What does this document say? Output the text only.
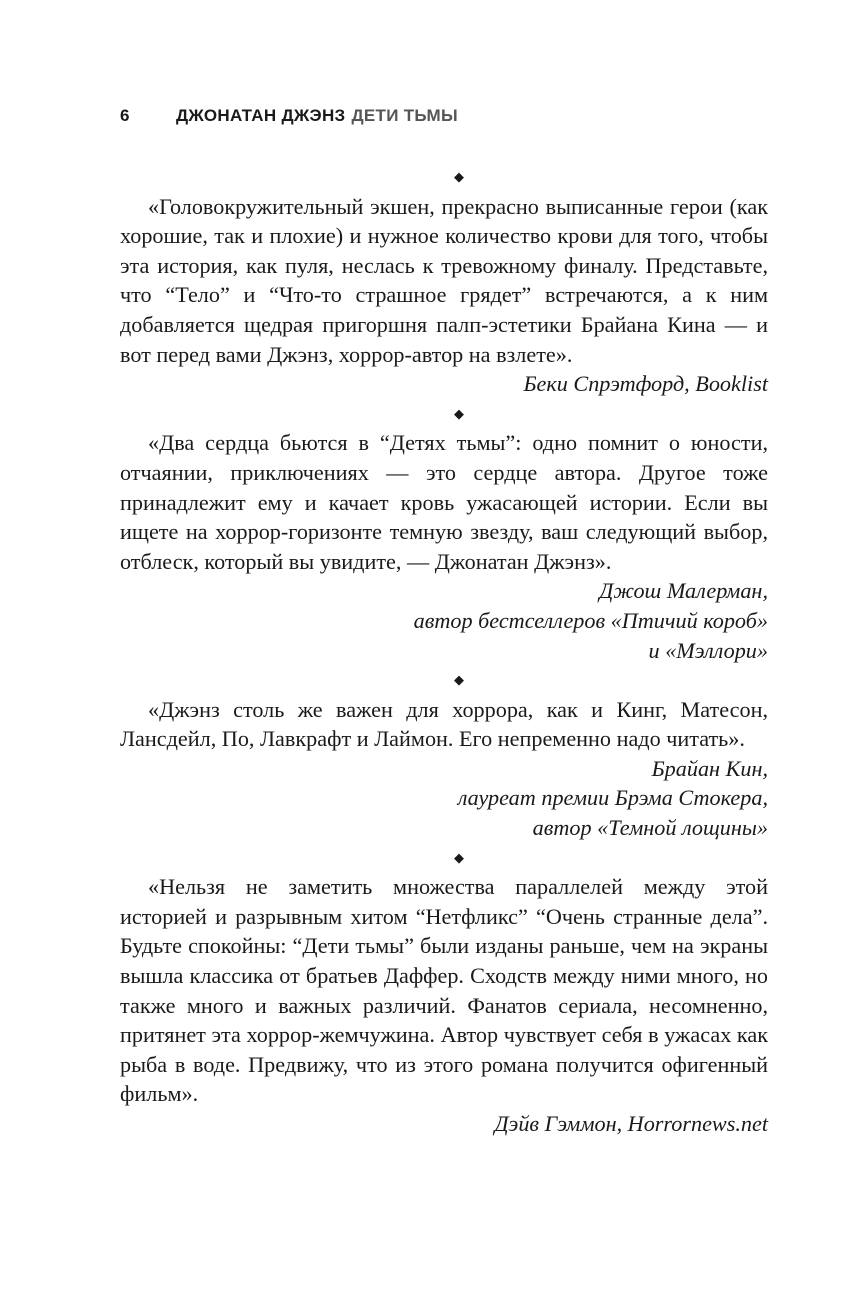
6	ДЖОНАТАН ДЖЭНЗ ДЕТИ ТЬМЫ
◆

«Головокружительный экшен, прекрасно выписанные герои (как хорошие, так и плохие) и нужное количество крови для того, чтобы эта история, как пуля, неслась к тревожному финалу. Представьте, что “Тело” и “Что-то страшное грядет” встречаются, а к ним добавляется щедрая пригоршня палп-эстетики Брайана Кина — и вот перед вами Джэнз, хоррор-автор на взлете».

Беки Спрэтфорд, Booklist

◆

«Два сердца бьются в “Детях тьмы”: одно помнит о юности, отчаянии, приключениях — это сердце автора. Другое тоже принадлежит ему и качает кровь ужасающей истории. Если вы ищете на хоррор-горизонте темную звезду, ваш следующий выбор, отблеск, который вы увидите, — Джонатан Джэнз».

Джош Малерман,
автор бестселлеров «Птичий короб»
и «Мэллори»

◆

«Джэнз столь же важен для хоррора, как и Кинг, Матесон, Лансдейл, По, Лавкрафт и Лаймон. Его непременно надо читать».

Брайан Кин,
лауреат премии Брэма Стокера,
автор «Темной лощины»

◆

«Нельзя не заметить множества параллелей между этой историей и разрывным хитом “Нетфликс” “Очень странные дела”. Будьте спокойны: “Дети тьмы” были изданы раньше, чем на экраны вышла классика от братьев Даффер. Сходств между ними много, но также много и важных различий. Фанатов сериала, несомненно, притянет эта хоррор-жемчужина. Автор чувствует себя в ужасах как рыба в воде. Предвижу, что из этого романа получится офигенный фильм».

Дэйв Гэммон, Horrornews.net
